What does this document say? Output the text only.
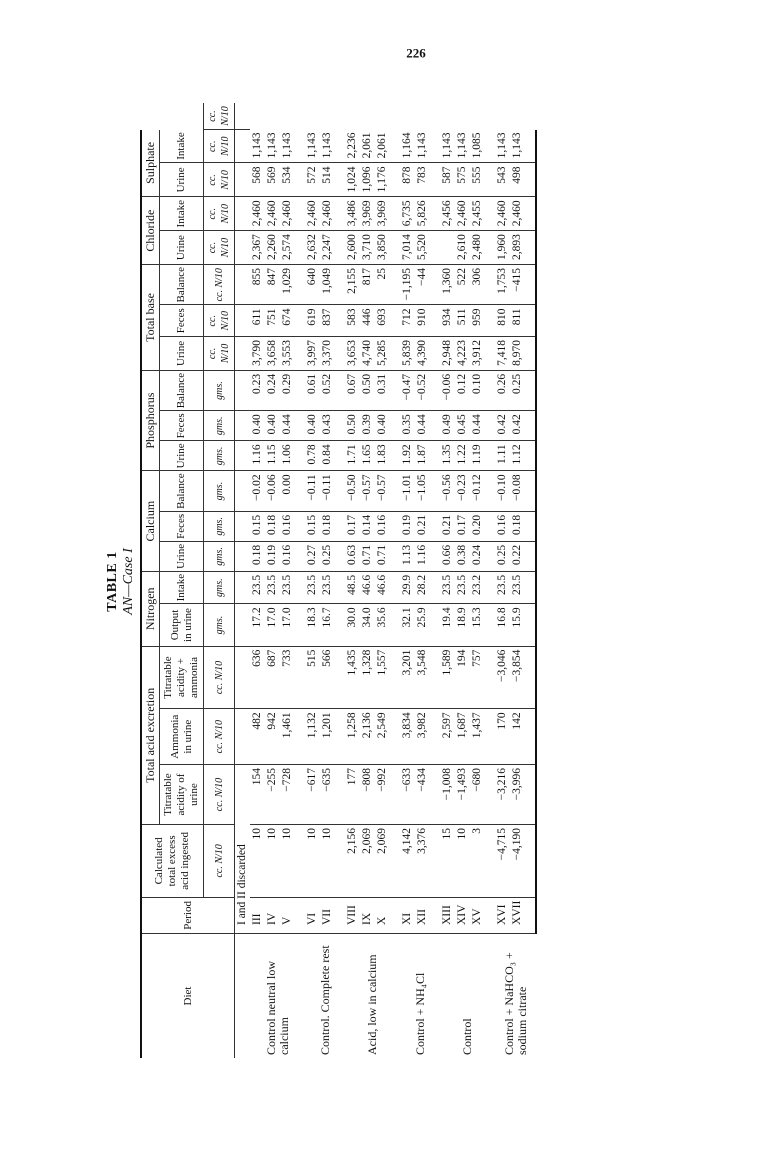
TABLE 1 AN—Case I
Diet	Period	Calculated total excess acid ingested	Total acid excretion			Nitrogen		Calcium			Phosphorus			Total base			Chloride		Sulphate		
			Titratable acidity of urine	Ammonia in urine	Titratable acidity + ammonia	Output in urine	Intake	Urine	Feces	Balance	Urine	Feces	Balance	Urine	Feces	Balance	Urine	Intake	Urine	Intake	
		cc. N/10	cc. N/10	cc. N/10	cc. N/10	gms.	gms.	gms.	gms.	gms.	gms.	gms.	gms.	cc. N/10	cc. N/10	cc. N/10	cc. N/10	cc. N/10	cc. N/10	cc. N/10	cc. N/10
	I and II discarded																				
Control neutral low calcium	III	10	154	482	636	17.2	23.5	0.18	0.15	−0.02	1.16	0.40	0.23	3,790	611	855	2,367	2,460	568	1,143	
	IV	10	−255	942	687	17.0	23.5	0.19	0.18	−0.06	1.15	0.40	0.24	3,658	751	847	2,260	2,460	569	1,143	
	V	10	−728	1,461	733	17.0	23.5	0.16	0.16	0.00	1.06	0.44	0.29	3,553	674	1,029	2,574	2,460	534	1,143	
Control. Complete rest	VI	10	−617	1,132	515	18.3	23.5	0.27	0.15	−0.11	0.78	0.40	0.61	3,997	619	640	2,632	2,460	572	1,143	
	VII	10	−635	1,201	566	16.7	23.5	0.25	0.18	−0.11	0.84	0.43	0.52	3,370	837	1,049	2,247	2,460	514	1,143	
Acid, low in calcium	VIII	2,156	177	1,258	1,435	30.0	48.5	0.63	0.17	−0.50	1.71	0.50	0.67	3,653	583	2,155	2,600	3,486	1,024	2,236	
	IX	2,069	−808	2,136	1,328	34.0	46.6	0.71	0.14	−0.57	1.65	0.39	0.50	4,740	446	817	3,710	3,969	1,096	2,061	
	X	2,069	−992	2,549	1,557	35.6	46.6	0.71	0.16	−0.57	1.83	0.40	0.31	5,285	693	25	3,850	3,969	1,176	2,061	
Control + NH₄Cl	XI	4,142	−633	3,834	3,201	32.1	29.9	1.13	0.19	−1.01	1.92	0.35	−0.47	5,839	712	−1,195	7,014	6,735	878	1,164	
	XII	3,376	−434	3,982	3,548	25.9	28.2	1.16	0.21	−1.05	1.87	0.44	−0.52	4,390	910	−44	5,520	5,826	783	1,143	
Control	XIII	15	−1,008	2,597	1,589	19.4	23.5	0.66	0.21	−0.56	1.35	0.49	−0.06	2,948	934	1,360		2,456	587	1,143	
	XIV	10	−1,493	1,687	194	18.9	23.5	0.38	0.17	−0.23	1.22	0.45	0.12	4,223	511	522	2,610	2,460	575	1,143	
	XV	3	−680	1,437	757	15.3	23.2	0.24	0.20	−0.12	1.19	0.44	0.10	3,912	959	306	2,480	2,455	555	1,085	
Control + NaHCO₃ + sodium citrate	XVI	−4,715	−3,216	170	−3,046	16.8	23.5	0.25	0.16	−0.10	1.11	0.42	0.26	7,418	810	1,753	1,960	2,460	543	1,143	
	XVII	−4,190	−3,996	142	−3,854	15.9	23.5	0.22	0.18	−0.08	1.12	0.42	0.25	8,970	811	−415	2,893	2,460	498	1,143	
226
